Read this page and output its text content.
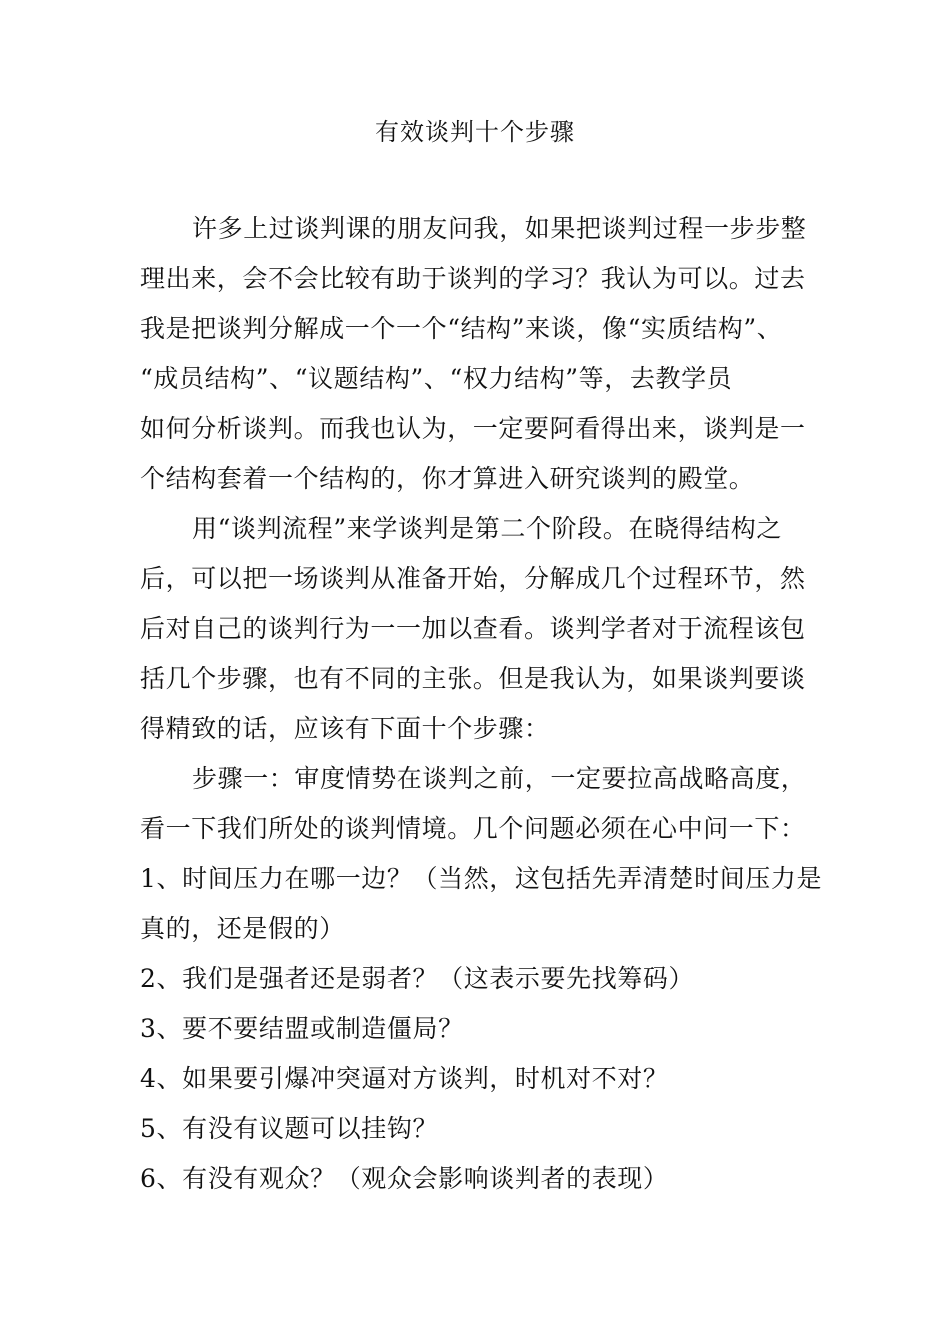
有效谈判十个步骤
许多上过谈判课的朋友问我，如果把谈判过程一步步整
理出来，会不会比较有助于谈判的学习？我认为可以。过去
我是把谈判分解成一个一个“结构”来谈，像“实质结构”、
“成员结构”、“议题结构”、“权力结构”等，去教学员
如何分析谈判。而我也认为，一定要阿看得出来，谈判是一
个结构套着一个结构的，你才算进入研究谈判的殿堂。
用“谈判流程”来学谈判是第二个阶段。在晓得结构之
后，可以把一场谈判从准备开始，分解成几个过程环节，然
后对自己的谈判行为一一加以查看。谈判学者对于流程该包
括几个步骤，也有不同的主张。但是我认为，如果谈判要谈
得精致的话，应该有下面十个步骤：
步骤一：审度情势在谈判之前，一定要拉高战略高度，
看一下我们所处的谈判情境。几个问题必须在心中问一下：
1、时间压力在哪一边？（当然，这包括先弄清楚时间压力是
真的，还是假的）
2、我们是强者还是弱者？（这表示要先找筹码）
3、要不要结盟或制造僵局？
4、如果要引爆冲突逼对方谈判，时机对不对？
5、有没有议题可以挂钩？
6、有没有观众？（观众会影响谈判者的表现）
